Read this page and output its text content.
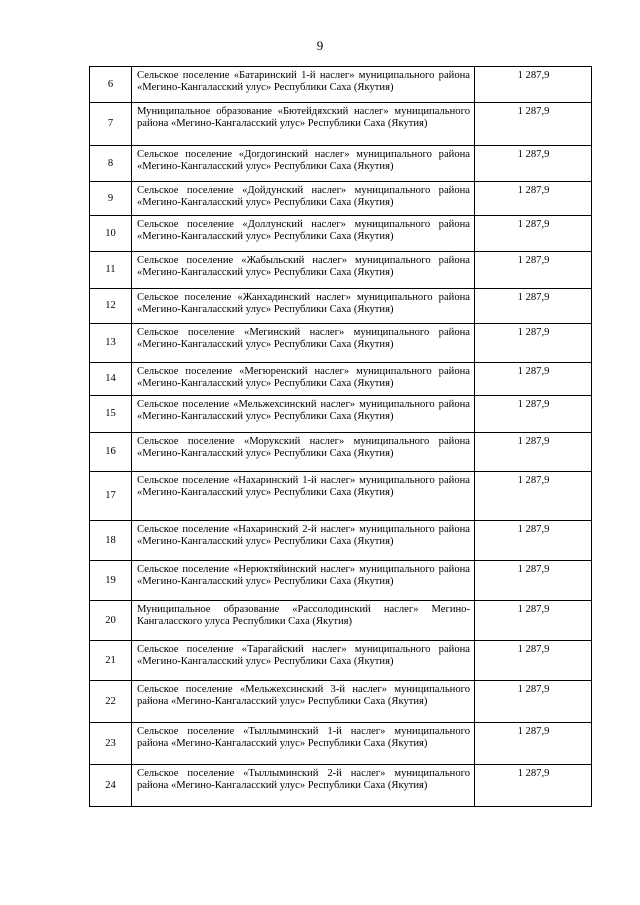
9
6	Сельское поселение «Батаринский 1-й наслег» муниципального района «Мегино-Кангаласский улус» Республики Саха (Якутия)	1 287,9
7	Муниципальное образование «Бютейдяхский наслег» муниципального района «Мегино-Кангаласский улус» Республики Саха (Якутия)	1 287,9
8	Сельское поселение «Догдогинский наслег» муниципального района «Мегино-Кангаласский улус» Республики Саха (Якутия)	1 287,9
9	Сельское поселение «Дойдунский наслег» муниципального района «Мегино-Кангаласский улус» Республики Саха (Якутия)	1 287,9
10	Сельское поселение «Доллунский наслег» муниципального района «Мегино-Кангаласский улус» Республики Саха (Якутия)	1 287,9
11	Сельское поселение «Жабыльский наслег» муниципального района «Мегино-Кангаласский улус» Республики Саха (Якутия)	1 287,9
12	Сельское поселение «Жанхадинский наслег» муниципального района «Мегино-Кангаласский улус» Республики Саха (Якутия)	1 287,9
13	Сельское поселение «Мегинский наслег» муниципального района «Мегино-Кангаласский улус» Республики Саха (Якутия)	1 287,9
14	Сельское поселение «Мегюренский наслег» муниципального района «Мегино-Кангаласский улус» Республики Саха (Якутия)	1 287,9
15	Сельское поселение «Мельжехсинский наслег» муниципального района «Мегино-Кангаласский улус» Республики Саха (Якутия)	1 287,9
16	Сельское поселение «Морукский наслег» муниципального района «Мегино-Кангаласский улус» Республики Саха (Якутия)	1 287,9
17	Сельское поселение «Нахаринский 1-й наслег» муниципального района «Мегино-Кангаласский улус» Республики Саха (Якутия)	1 287,9
18	Сельское поселение «Нахаринский 2-й наслег» муниципального района «Мегино-Кангаласский улус» Республики Саха (Якутия)	1 287,9
19	Сельское поселение «Нерюктяйинский наслег» муниципального района «Мегино-Кангаласский улус» Республики Саха (Якутия)	1 287,9
20	Муниципальное образование «Рассолодинский наслег» Мегино-Кангаласского улуса Республики Саха (Якутия)	1 287,9
21	Сельское поселение «Тарагайский наслег» муниципального района «Мегино-Кангаласский улус» Республики Саха (Якутия)	1 287,9
22	Сельское поселение «Мельжехсинский 3-й наслег» муниципального района «Мегино-Кангаласский улус» Республики Саха (Якутия)	1 287,9
23	Сельское поселение «Тыллыминский 1-й наслег» муниципального района «Мегино-Кангаласский улус» Республики Саха (Якутия)	1 287,9
24	Сельское поселение «Тыллыминский 2-й наслег» муниципального района «Мегино-Кангаласский улус» Республики Саха (Якутия)	1 287,9
